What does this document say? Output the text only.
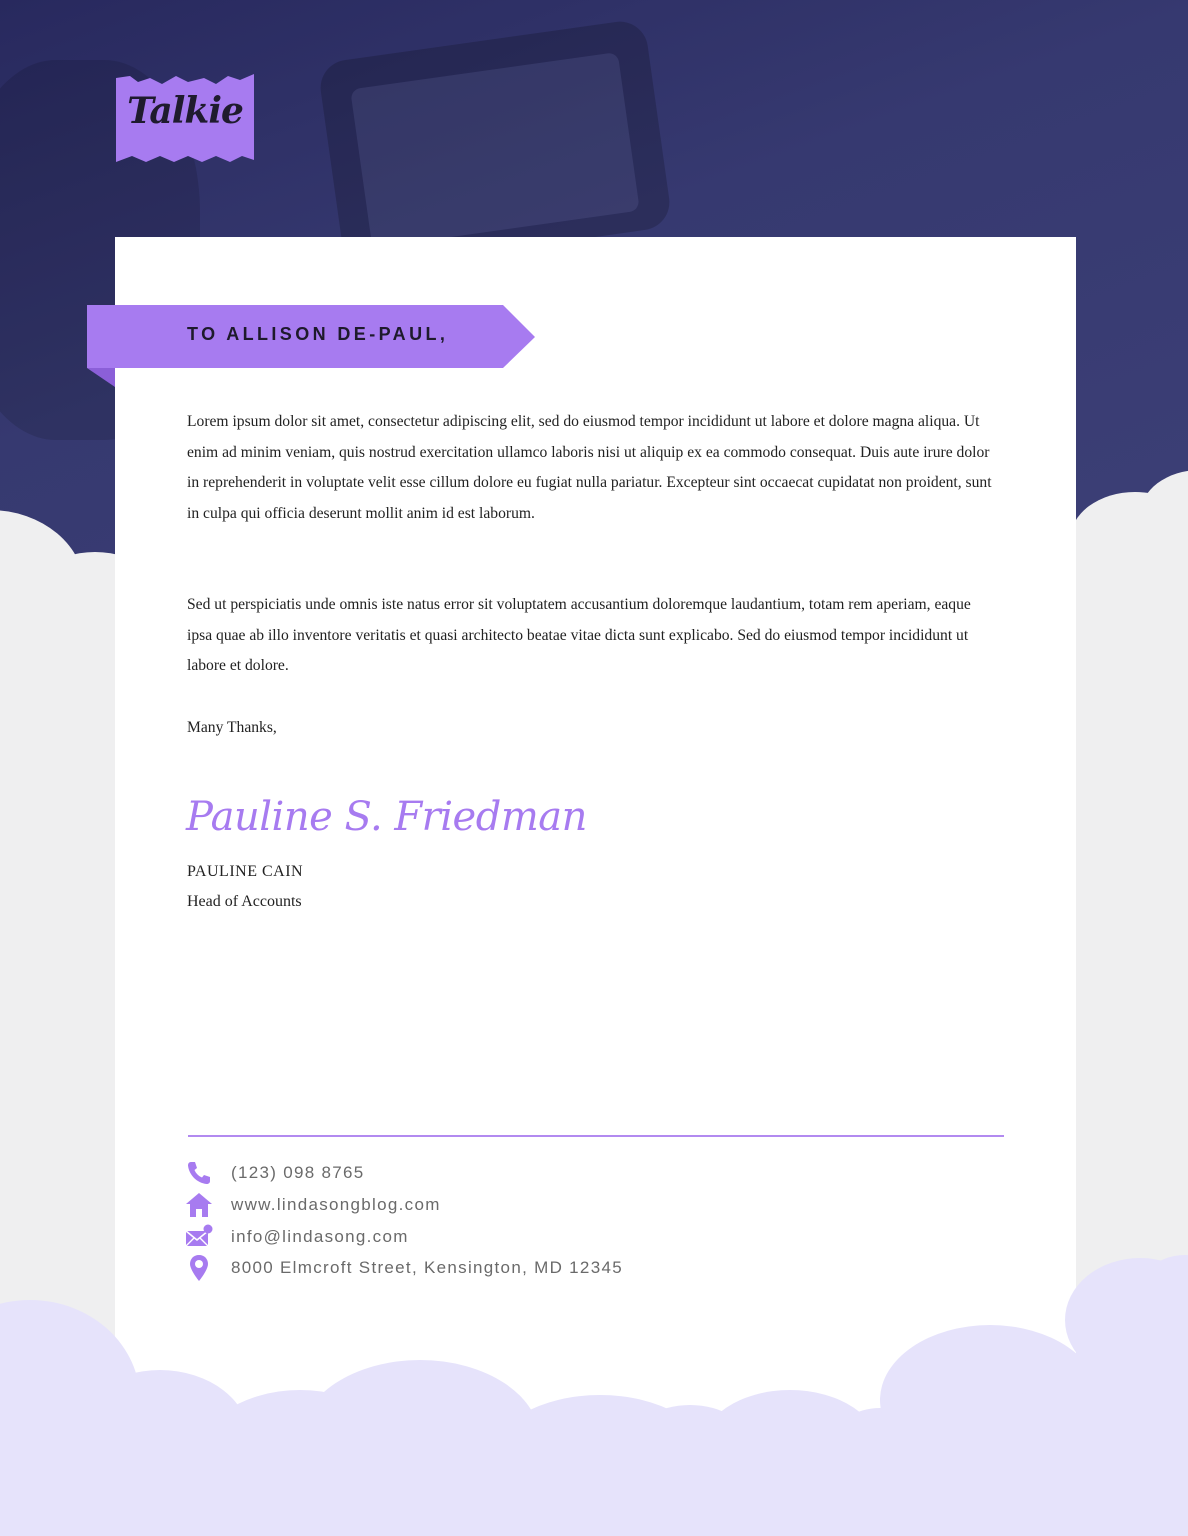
Talkie
TO ALLISON DE-PAUL,

Lorem ipsum dolor sit amet, consectetur adipiscing elit, sed do eiusmod tempor incididunt ut labore et dolore magna aliqua. Ut enim ad minim veniam, quis nostrud exercitation ullamco laboris nisi ut aliquip ex ea commodo consequat. Duis aute irure dolor in reprehenderit in voluptate velit esse cillum dolore eu fugiat nulla pariatur. Excepteur sint occaecat cupidatat non proident, sunt in culpa qui officia deserunt mollit anim id est laborum.

Sed ut perspiciatis unde omnis iste natus error sit voluptatem accusantium doloremque laudantium, totam rem aperiam, eaque ipsa quae ab illo inventore veritatis et quasi architecto beatae vitae dicta sunt explicabo. Sed do eiusmod tempor incididunt ut labore et dolore.

Many Thanks,

Pauline S. Friedman
PAULINE CAIN
Head of Accounts
(123) 098 8765
www.lindasongblog.com
info@lindasong.com
8000 Elmcroft Street, Kensington, MD 12345
